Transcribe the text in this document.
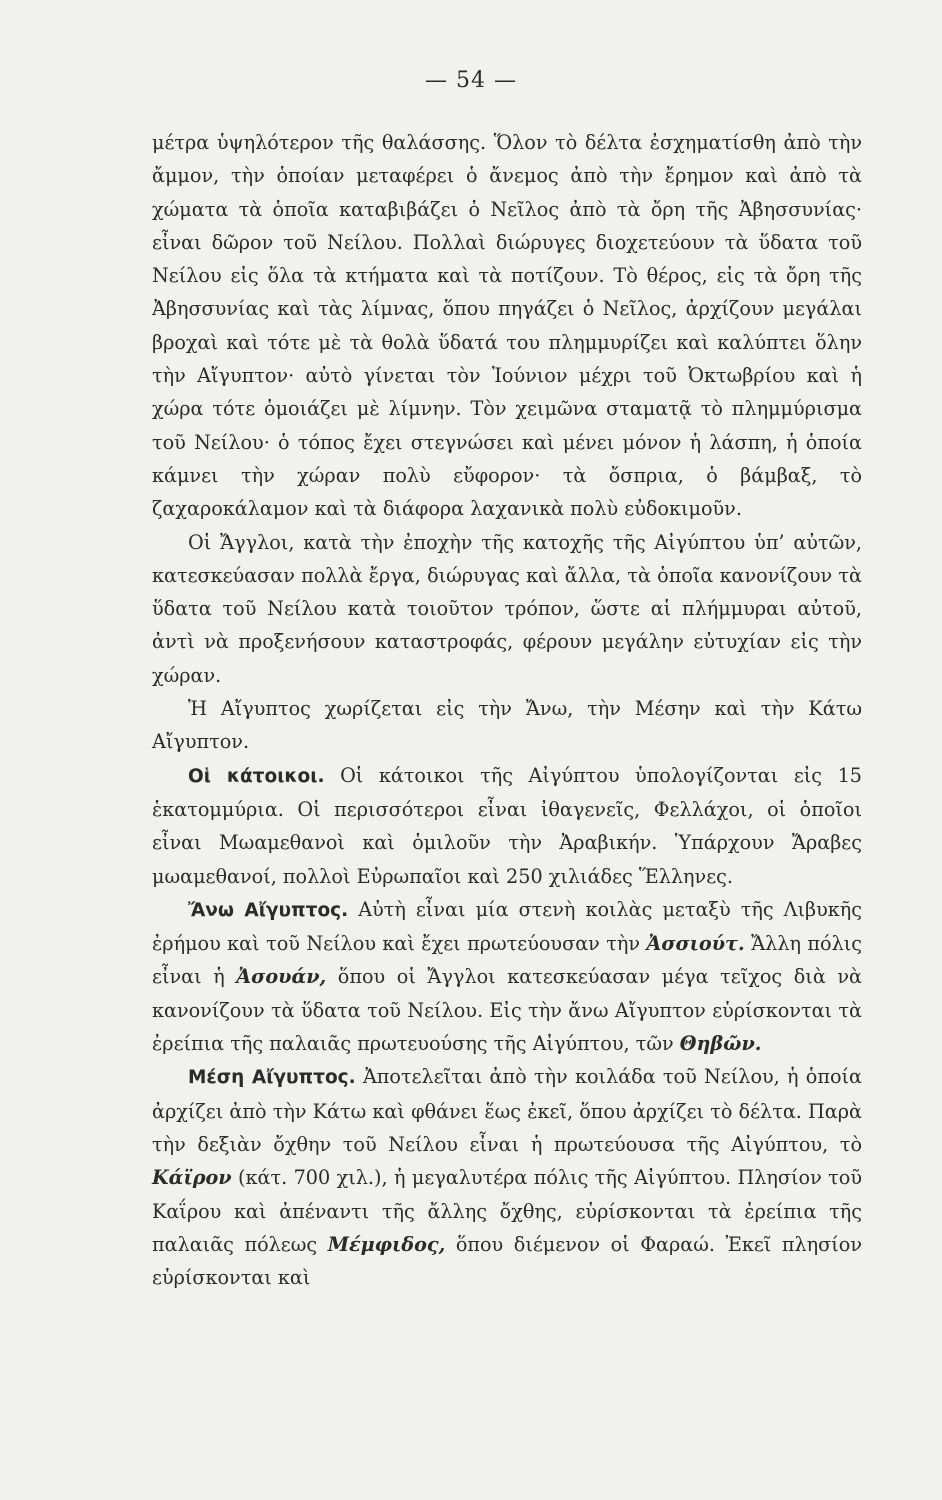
— 54 —

μέτρα ὑψηλότερον τῆς θαλάσσης. Ὅλον τὸ δέλτα ἐσχηματίσθη ἀπὸ τὴν ἄμμον, τὴν ὁποίαν μεταφέρει ὁ ἄνεμος ἀπὸ τὴν ἔρημον καὶ ἀπὸ τὰ χώματα τὰ ὁποῖα καταβιβάζει ὁ Νεῖλος ἀπὸ τὰ ὄρη τῆς Ἀβησσυνίας· εἶναι δῶρον τοῦ Νείλου. Πολλαὶ διώρυγες διοχετεύουν τὰ ὕδατα τοῦ Νείλου εἰς ὅλα τὰ κτήματα καὶ τὰ ποτίζουν. Τὸ θέρος, εἰς τὰ ὄρη τῆς Ἀβησσυνίας καὶ τὰς λίμνας, ὅπου πηγάζει ὁ Νεῖλος, ἀρχίζουν μεγάλαι βροχαὶ καὶ τότε μὲ τὰ θολὰ ὕδατά του πλημμυρίζει καὶ καλύπτει ὅλην τὴν Αἴγυπτον· αὐτὸ γίνεται τὸν Ἰούνιον μέχρι τοῦ Ὀκτωβρίου καὶ ἡ χώρα τότε ὁμοιάζει μὲ λίμνην. Τὸν χειμῶνα σταματᾷ τὸ πλημμύρισμα τοῦ Νείλου· ὁ τόπος ἔχει στεγνώσει καὶ μένει μόνον ἡ λάσπη, ἡ ὁποία κάμνει τὴν χώραν πολὺ εὔφορον· τὰ ὄσπρια, ὁ βάμβαξ, τὸ ζαχαροκάλαμον καὶ τὰ διάφορα λαχανικὰ πολὺ εὐδοκιμοῦν.

Οἱ Ἄγγλοι, κατὰ τὴν ἐποχὴν τῆς κατοχῆς τῆς Αἰγύπτου ὑπ’ αὐτῶν, κατεσκεύασαν πολλὰ ἔργα, διώρυγας καὶ ἄλλα, τὰ ὁποῖα κανονίζουν τὰ ὕδατα τοῦ Νείλου κατὰ τοιοῦτον τρόπον, ὥστε αἱ πλήμμυραι αὐτοῦ, ἀντὶ νὰ προξενήσουν καταστροφάς, φέρουν μεγάλην εὐτυχίαν εἰς τὴν χώραν.

Ἡ Αἴγυπτος χωρίζεται εἰς τὴν Ἄνω, τὴν Μέσην καὶ τὴν Κάτω Αἴγυπτον.

Οἱ κάτοικοι. Οἱ κάτοικοι τῆς Αἰγύπτου ὑπολογίζονται εἰς 15 ἑκατομμύρια. Οἱ περισσότεροι εἶναι ἰθαγενεῖς, Φελλάχοι, οἱ ὁποῖοι εἶναι Μωαμεθανοὶ καὶ ὁμιλοῦν τὴν Ἀραβικήν. Ὑπάρχουν Ἄραβες μωαμεθανοί, πολλοὶ Εὐρωπαῖοι καὶ 250 χιλιάδες Ἕλληνες.

Ἄνω Αἴγυπτος. Αὐτὴ εἶναι μία στενὴ κοιλὰς μεταξὺ τῆς Λιβυκῆς ἐρήμου καὶ τοῦ Νείλου καὶ ἔχει πρωτεύουσαν τὴν Ἀσσιούτ. Ἄλλη πόλις εἶναι ἡ Ἀσουάν, ὅπου οἱ Ἄγγλοι κατεσκεύασαν μέγα τεῖχος διὰ νὰ κανονίζουν τὰ ὕδατα τοῦ Νείλου. Εἰς τὴν ἄνω Αἴγυπτον εὑρίσκονται τὰ ἐρείπια τῆς παλαιᾶς πρωτευούσης τῆς Αἰγύπτου, τῶν Θηβῶν.

Μέση Αἴγυπτος. Ἀποτελεῖται ἀπὸ τὴν κοιλάδα τοῦ Νείλου, ἡ ὁποία ἀρχίζει ἀπὸ τὴν Κάτω καὶ φθάνει ἕως ἐκεῖ, ὅπου ἀρχίζει τὸ δέλτα. Παρὰ τὴν δεξιὰν ὄχθην τοῦ Νείλου εἶναι ἡ πρωτεύουσα τῆς Αἰγύπτου, τὸ Κάϊρον (κάτ. 700 χιλ.), ἡ μεγαλυτέρα πόλις τῆς Αἰγύπτου. Πλησίον τοῦ Καΐρου καὶ ἀπέναντι τῆς ἄλλης ὄχθης, εὑρίσκονται τὰ ἐρείπια τῆς παλαιᾶς πόλεως Μέμφιδος, ὅπου διέμενον οἱ Φαραώ. Ἐκεῖ πλησίον εὑρίσκονται καὶ
